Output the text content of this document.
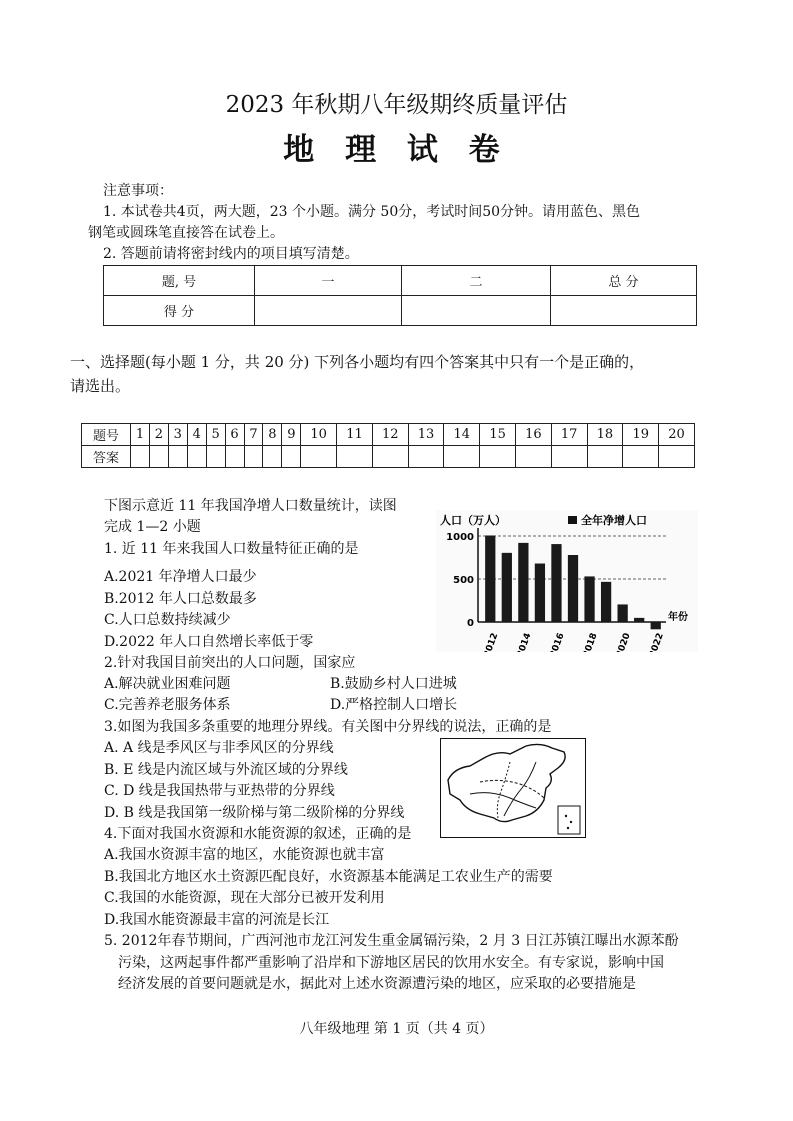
2023 年秋期八年级期终质量评估
地 理 试 卷
注意事项：
1. 本试卷共4页，两大题，23 个小题。满分 50分，考试时间50分钟。请用蓝色、黑色
钢笔或圆珠笔直接答在试卷上。
2. 答题前请将密封线内的项目填写清楚。
题, 号	一	二	总 分
得 分			
一、选择题(每小题 1 分，共 20 分) 下列各小题均有四个答案其中只有一个是正确的，
请选出。
题号	1	2	3	4	5	6	7	8	9	10	11	12	13	14	15	16	17	18	19	20
答案																				
下图示意近 11 年我国净增人口数量统计，读图
完成 1—2 小题	人口（万人）	全年净增人口
1000
500
0
年份
2012 2014 2016 2018 2020 2022
1. 近 11 年来我国人口数量特征正确的是
A.2021 年净增人口最少
B.2012 年人口总数最多
C.人口总数持续减少
D.2022 年人口自然增长率低于零
2.针对我国目前突出的人口问题，国家应
A.解决就业困难问题	B.鼓励乡村人口进城
C.完善养老服务体系	D.严格控制人口增长
3.如图为我国多条重要的地理分界线。有关图中分界线的说法，正确的是
A. A 线是季风区与非季风区的分界线
B. E 线是内流区域与外流区域的分界线
C. D 线是我国热带与亚热带的分界线
D. B 线是我国第一级阶梯与第二级阶梯的分界线
4.下面对我国水资源和水能资源的叙述，正确的是
A.我国水资源丰富的地区，水能资源也就丰富
B.我国北方地区水土资源匹配良好，水资源基本能满足工农业生产的需要
C.我国的水能资源，现在大部分已被开发利用
D.我国水能资源最丰富的河流是长江
5. 2012年春节期间，广西河池市龙江河发生重金属镉污染，2 月 3 日江苏镇江曝出水源苯酚
污染，这两起事件都严重影响了沿岸和下游地区居民的饮用水安全。有专家说，影响中国
经济发展的首要问题就是水，据此对上述水资源遭污染的地区，应采取的必要措施是
八年级地理 第 1 页（共 4 页）
